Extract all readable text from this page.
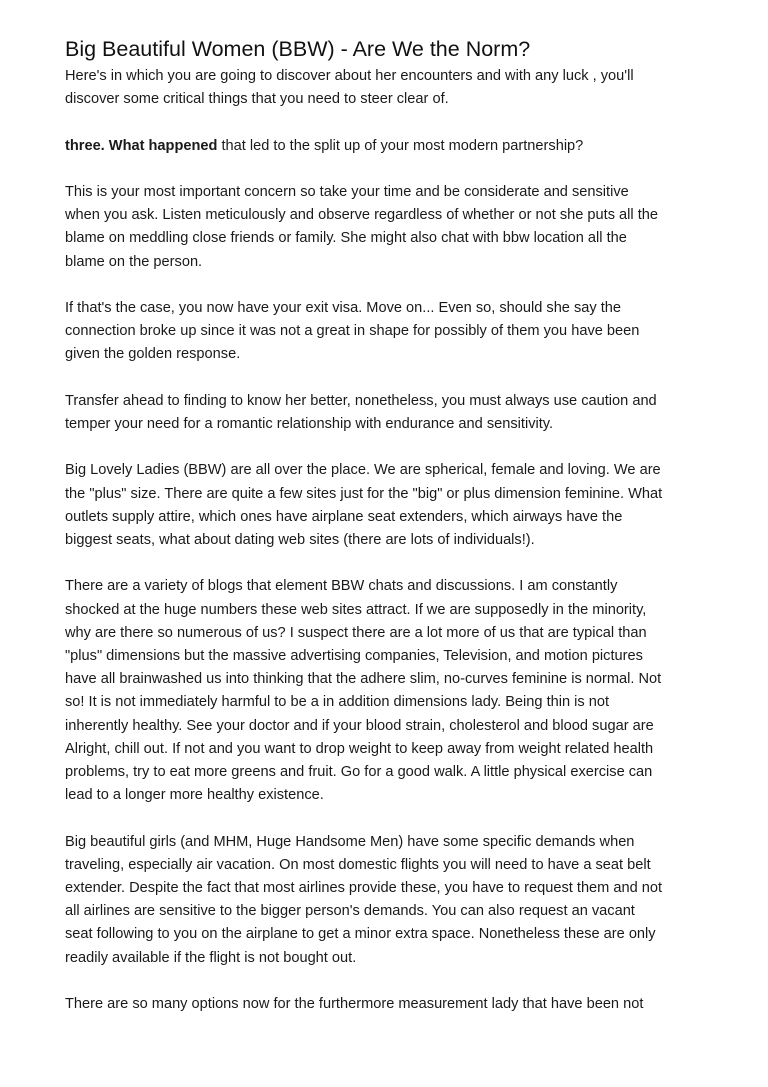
Big Beautiful Women (BBW) - Are We the Norm?

Here's in which you are going to discover about her encounters and with any luck , you'll
discover some critical things that you need to steer clear of.

three. What happened that led to the split up of your most modern partnership?

This is your most important concern so take your time and be considerate and sensitive
when you ask. Listen meticulously and observe regardless of whether or not she puts all the
blame on meddling close friends or family. She might also chat with bbw location all the
blame on the person.

If that's the case, you now have your exit visa. Move on... Even so, should she say the
connection broke up since it was not a great in shape for possibly of them you have been
given the golden response.

Transfer ahead to finding to know her better, nonetheless, you must always use caution and
temper your need for a romantic relationship with endurance and sensitivity.

Big Lovely Ladies (BBW) are all over the place. We are spherical, female and loving. We are
the "plus" size. There are quite a few sites just for the "big" or plus dimension feminine. What
outlets supply attire, which ones have airplane seat extenders, which airways have the
biggest seats, what about dating web sites (there are lots of individuals!).

There are a variety of blogs that element BBW chats and discussions. I am constantly
shocked at the huge numbers these web sites attract. If we are supposedly in the minority,
why are there so numerous of us? I suspect there are a lot more of us that are typical than
"plus" dimensions but the massive advertising companies, Television, and motion pictures
have all brainwashed us into thinking that the adhere slim, no-curves feminine is normal. Not
so! It is not immediately harmful to be a in addition dimensions lady. Being thin is not
inherently healthy. See your doctor and if your blood strain, cholesterol and blood sugar are
Alright, chill out. If not and you want to drop weight to keep away from weight related health
problems, try to eat more greens and fruit. Go for a good walk. A little physical exercise can
lead to a longer more healthy existence.

Big beautiful girls (and MHM, Huge Handsome Men) have some specific demands when
traveling, especially air vacation. On most domestic flights you will need to have a seat belt
extender. Despite the fact that most airlines provide these, you have to request them and not
all airlines are sensitive to the bigger person's demands. You can also request an vacant
seat following to you on the airplane to get a minor extra space. Nonetheless these are only
readily available if the flight is not bought out.

There are so many options now for the furthermore measurement lady that have been not
